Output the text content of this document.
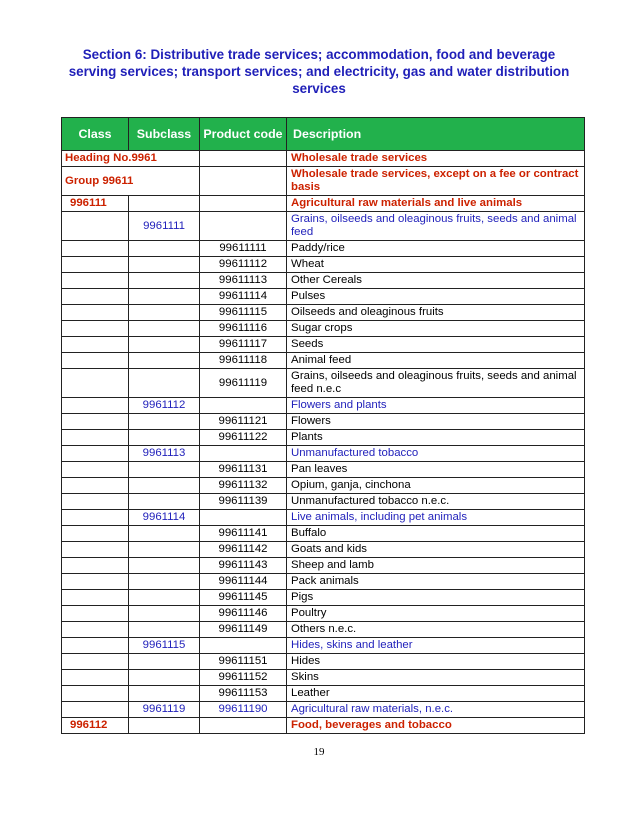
Section 6: Distributive trade services; accommodation, food and beverage serving services; transport services; and electricity, gas and water distribution services
Class	Subclass	Product code	Description
Heading No.9961			Wholesale trade services
Group 99611			Wholesale trade services, except on a fee or contract basis
996111			Agricultural raw materials and live animals
	9961111		Grains, oilseeds and oleaginous fruits, seeds and animal feed
		99611111	Paddy/rice
		99611112	Wheat
		99611113	Other Cereals
		99611114	Pulses
		99611115	Oilseeds and oleaginous fruits
		99611116	Sugar crops
		99611117	Seeds
		99611118	Animal feed
		99611119	Grains, oilseeds and oleaginous fruits, seeds and animal feed n.e.c
	9961112		Flowers and plants
		99611121	Flowers
		99611122	Plants
	9961113		Unmanufactured tobacco
		99611131	Pan leaves
		99611132	Opium, ganja, cinchona
		99611139	Unmanufactured tobacco n.e.c.
	9961114		Live animals, including pet animals
		99611141	Buffalo
		99611142	Goats and kids
		99611143	Sheep and lamb
		99611144	Pack animals
		99611145	Pigs
		99611146	Poultry
		99611149	Others n.e.c.
	9961115		Hides, skins and leather
		99611151	Hides
		99611152	Skins
		99611153	Leather
	9961119	99611190	Agricultural raw materials, n.e.c.
996112			Food, beverages and tobacco
19
